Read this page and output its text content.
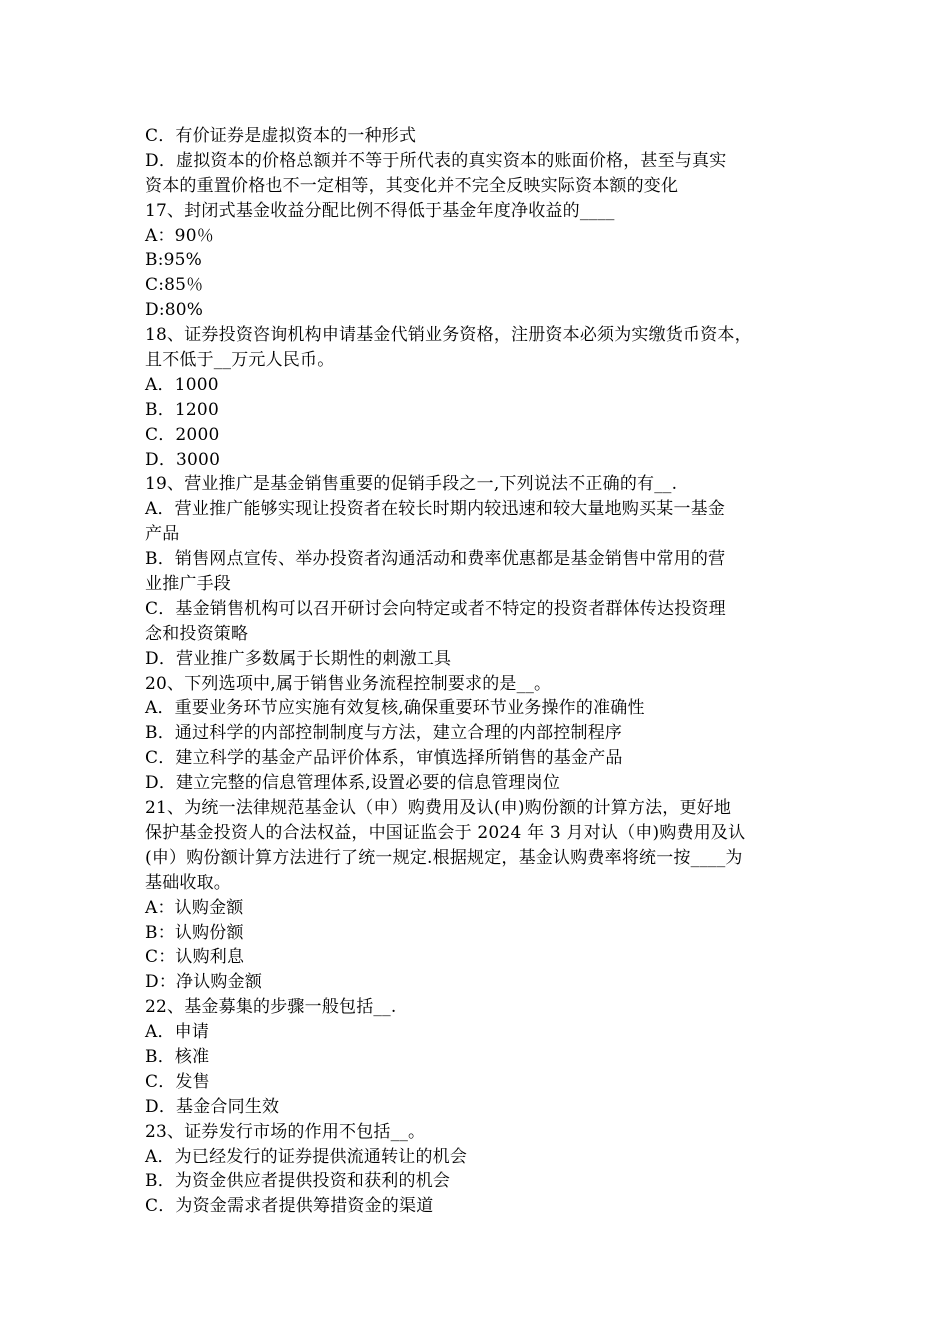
C．有价证券是虚拟资本的一种形式
D．虚拟资本的价格总额并不等于所代表的真实资本的账面价格，甚至与真实
资本的重置价格也不一定相等，其变化并不完全反映实际资本额的变化
17、封闭式基金收益分配比例不得低于基金年度净收益的____
A：90％
B:95%
C:85％
D:80%
18、证券投资咨询机构申请基金代销业务资格，注册资本必须为实缴货币资本，
且不低于__万元人民币。
A．1000
B．1200
C．2000
D．3000
19、营业推广是基金销售重要的促销手段之一,下列说法不正确的有__.
A．营业推广能够实现让投资者在较长时期内较迅速和较大量地购买某一基金
产品
B．销售网点宣传、举办投资者沟通活动和费率优惠都是基金销售中常用的营
业推广手段
C．基金销售机构可以召开研讨会向特定或者不特定的投资者群体传达投资理
念和投资策略
D．营业推广多数属于长期性的刺激工具
20、下列选项中,属于销售业务流程控制要求的是__。
A．重要业务环节应实施有效复核,确保重要环节业务操作的准确性
B．通过科学的内部控制制度与方法，建立合理的内部控制程序
C．建立科学的基金产品评价体系，审慎选择所销售的基金产品
D．建立完整的信息管理体系,设置必要的信息管理岗位
21、为统一法律规范基金认（申）购费用及认(申)购份额的计算方法，更好地
保护基金投资人的合法权益，中国证监会于 2024 年 3 月对认（申)购费用及认
(申）购份额计算方法进行了统一规定.根据规定，基金认购费率将统一按____为
基础收取。
A：认购金额
B：认购份额
C：认购利息
D：净认购金额
22、基金募集的步骤一般包括__.
A．申请
B．核准
C．发售
D．基金合同生效
23、证券发行市场的作用不包括__。
A．为已经发行的证券提供流通转让的机会
B．为资金供应者提供投资和获利的机会
C．为资金需求者提供筹措资金的渠道
